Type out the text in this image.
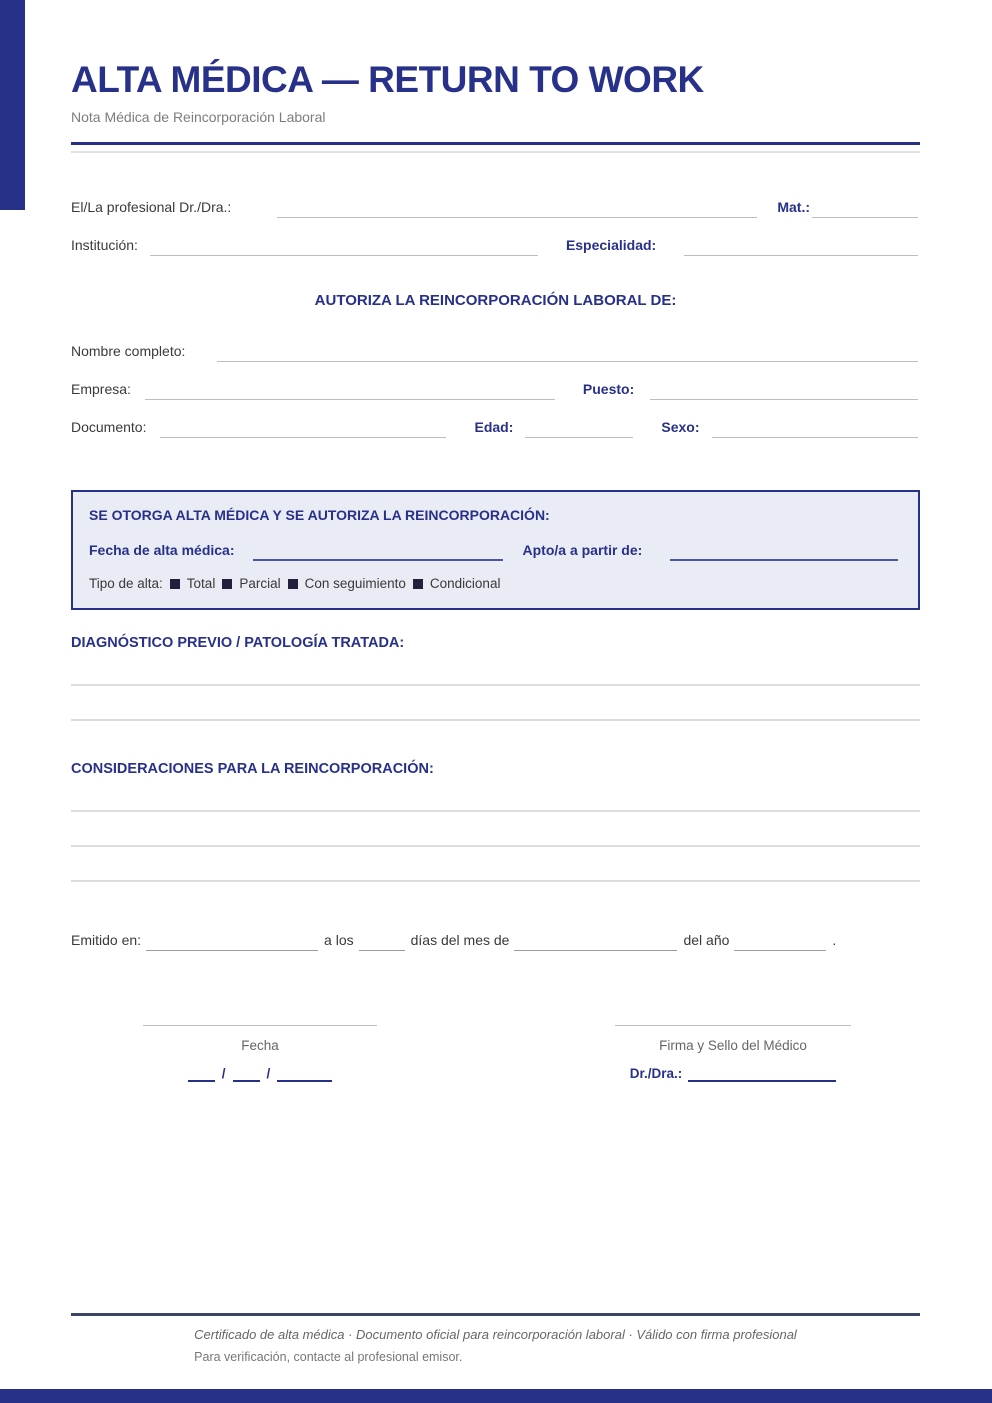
ALTA MÉDICA — RETURN TO WORK
Nota Médica de Reincorporación Laboral
El/La profesional Dr./Dra.:	Mat.:
Institución:	Especialidad:
AUTORIZA LA REINCORPORACIÓN LABORAL DE:
Nombre completo:
Empresa:	Puesto:
Documento:	Edad:	Sexo:
SE OTORGA ALTA MÉDICA Y SE AUTORIZA LA REINCORPORACIÓN:
Fecha de alta médica:	Apto/a a partir de:
Tipo de alta: Total Parcial Con seguimiento Condicional
DIAGNÓSTICO PREVIO / PATOLOGÍA TRATADA:
CONSIDERACIONES PARA LA REINCORPORACIÓN:
Emitido en:	a los	días del mes de	del año	.
Fecha
/	/
Firma y Sello del Médico
Dr./Dra.:
Certificado de alta médica · Documento oficial para reincorporación laboral · Válido con firma profesional
Para verificación, contacte al profesional emisor.
